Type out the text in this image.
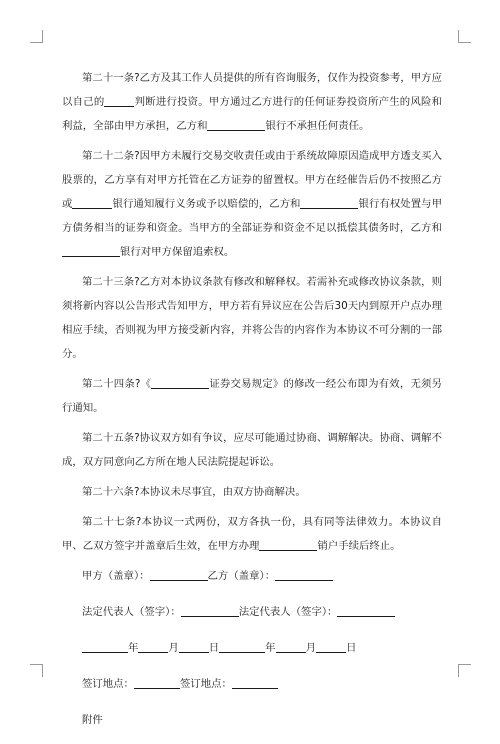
第二十一条?乙方及其工作人员提供的所有咨询服务，仅作为投资参考，甲方应以自己的	判断进行投资。甲方通过乙方进行的任何证券投资所产生的风险和利益，全部由甲方承担，乙方和	银行不承担任何责任。

第二十二条?因甲方未履行交易交收责任或由于系统故障原因造成甲方透支买入股票的，乙方享有对甲方托管在乙方证券的留置权。甲方在经催告后仍不按照乙方或	银行通知履行义务或予以赔偿的，乙方和	银行有权处置与甲方债务相当的证券和资金。当甲方的全部证券和资金不足以抵偿其债务时，乙方和银行对甲方保留追索权。

第二十三条?乙方对本协议条款有修改和解释权。若需补充或修改协议条款，则须将新内容以公告形式告知甲方，甲方若有异议应在公告后30天内到原开户点办理相应手续，否则视为甲方接受新内容，并将公告的内容作为本协议不可分割的一部分。

第二十四条?《	证券交易规定》的修改一经公布即为有效，无须另行通知。

第二十五条?协议双方如有争议，应尽可能通过协商、调解解决。协商、调解不成，双方同意向乙方所在地人民法院提起诉讼。

第二十六条?本协议未尽事宜，由双方协商解决。

第二十七条?本协议一式两份，双方各执一份，具有同等法律效力。本协议自甲、乙双方签字并盖章后生效，在甲方办理	销户手续后终止。

甲方（盖章）：	乙方（盖章）：
法定代表人（签字）：	法定代表人（签字）：
年	月	日	年	月	日
签订地点：	签订地点：
附件
